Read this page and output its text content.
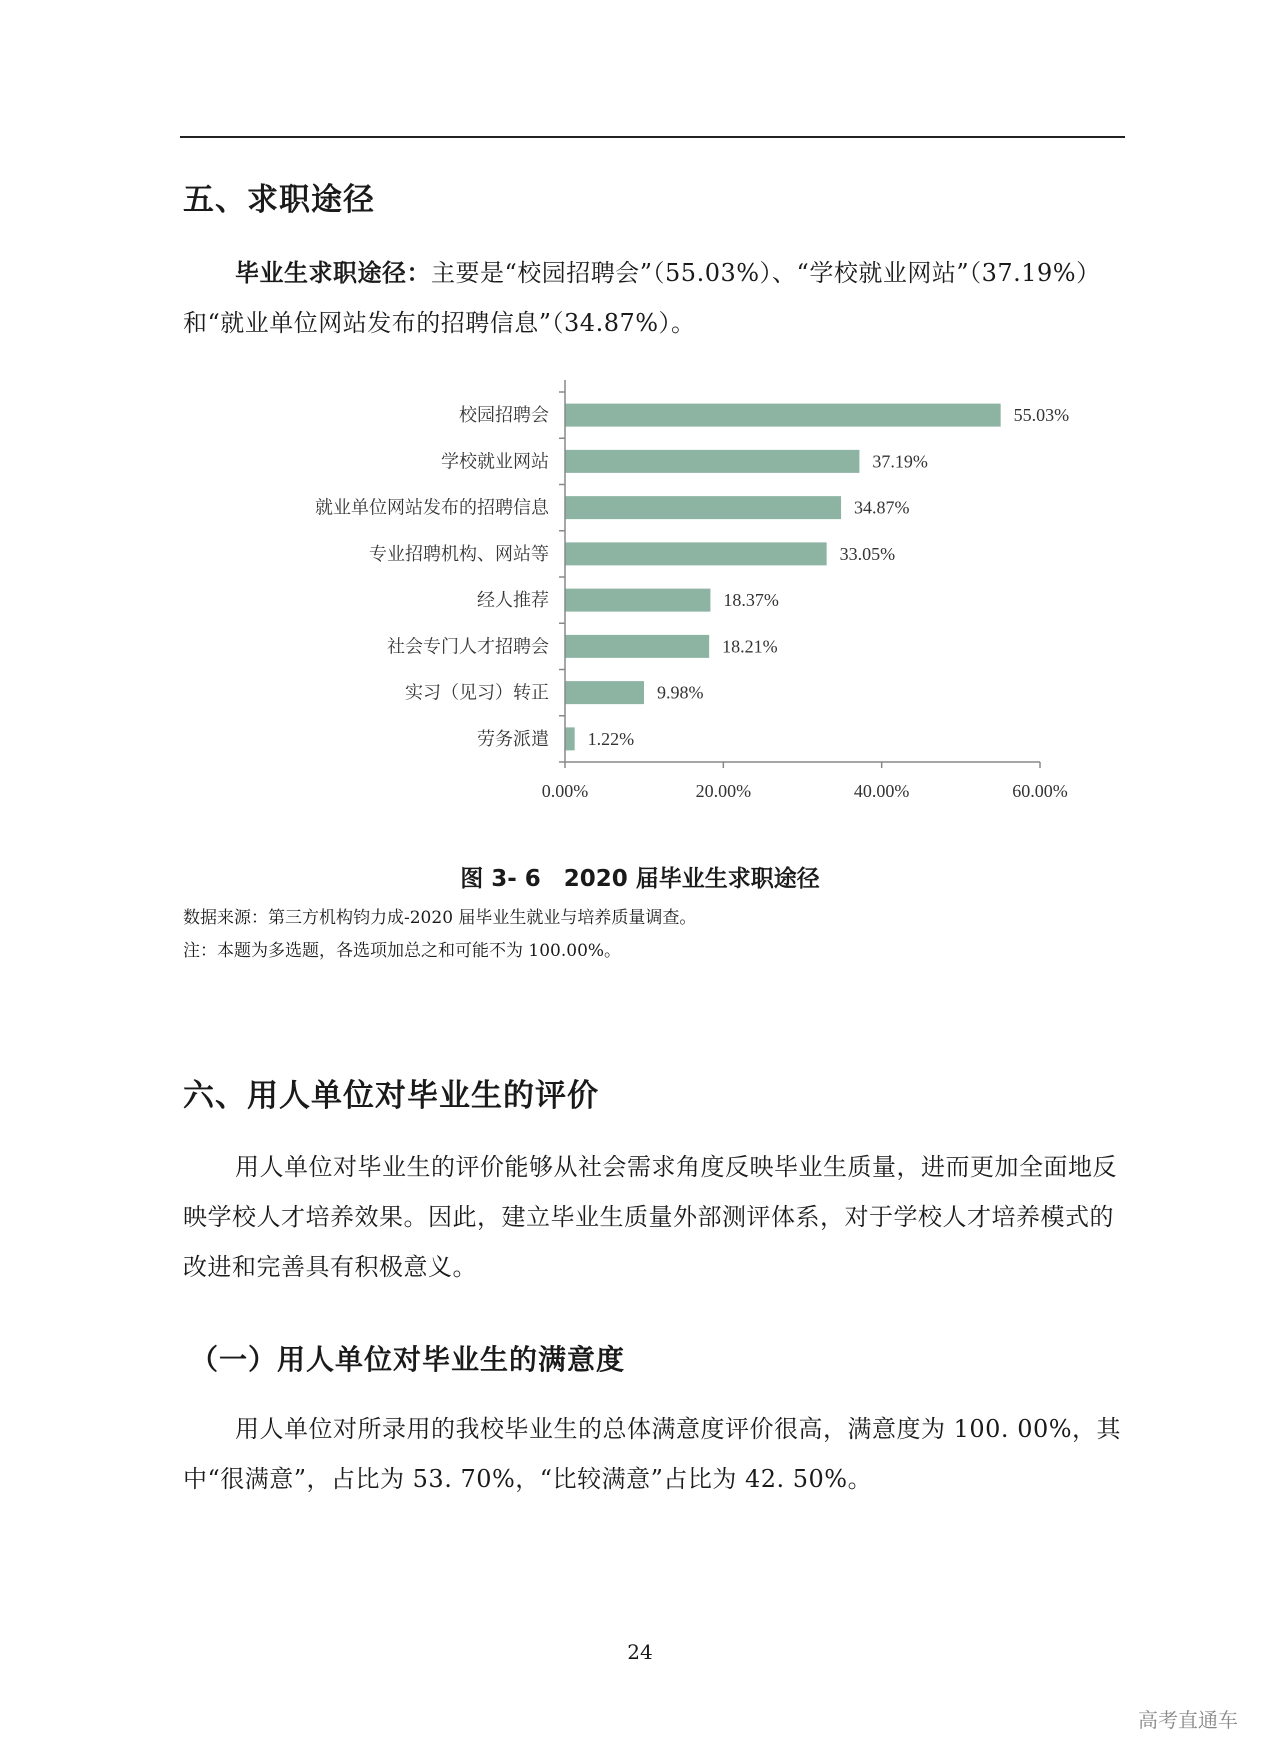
五、求职途径

毕业生求职途径：主要是“校园招聘会”（55.03%）、“学校就业网站”（37.19%）和“就业单位网站发布的招聘信息”（34.87%）。

校园招聘会	55.03%
学校就业网站	37.19%
就业单位网站发布的招聘信息	34.87%
专业招聘机构、网站等	33.05%
经人推荐	18.37%
社会专门人才招聘会	18.21%
实习（见习）转正	9.98%
劳务派遣 1.22%
0.00%	20.00%	40.00%	60.00%
图 3- 6　2020 届毕业生求职途径
数据来源：第三方机构钧力成-2020 届毕业生就业与培养质量调查。
注：本题为多选题，各选项加总之和可能不为 100.00%。
六、用人单位对毕业生的评价

用人单位对毕业生的评价能够从社会需求角度反映毕业生质量，进而更加全面地反映学校人才培养效果。因此，建立毕业生质量外部测评体系，对于学校人才培养模式的改进和完善具有积极意义。

（一）用人单位对毕业生的满意度

用人单位对所录用的我校毕业生的总体满意度评价很高，满意度为 100. 00%，其中“很满意”，占比为 53. 70%，“比较满意”占比为 42. 50%。

24
高考直通车
